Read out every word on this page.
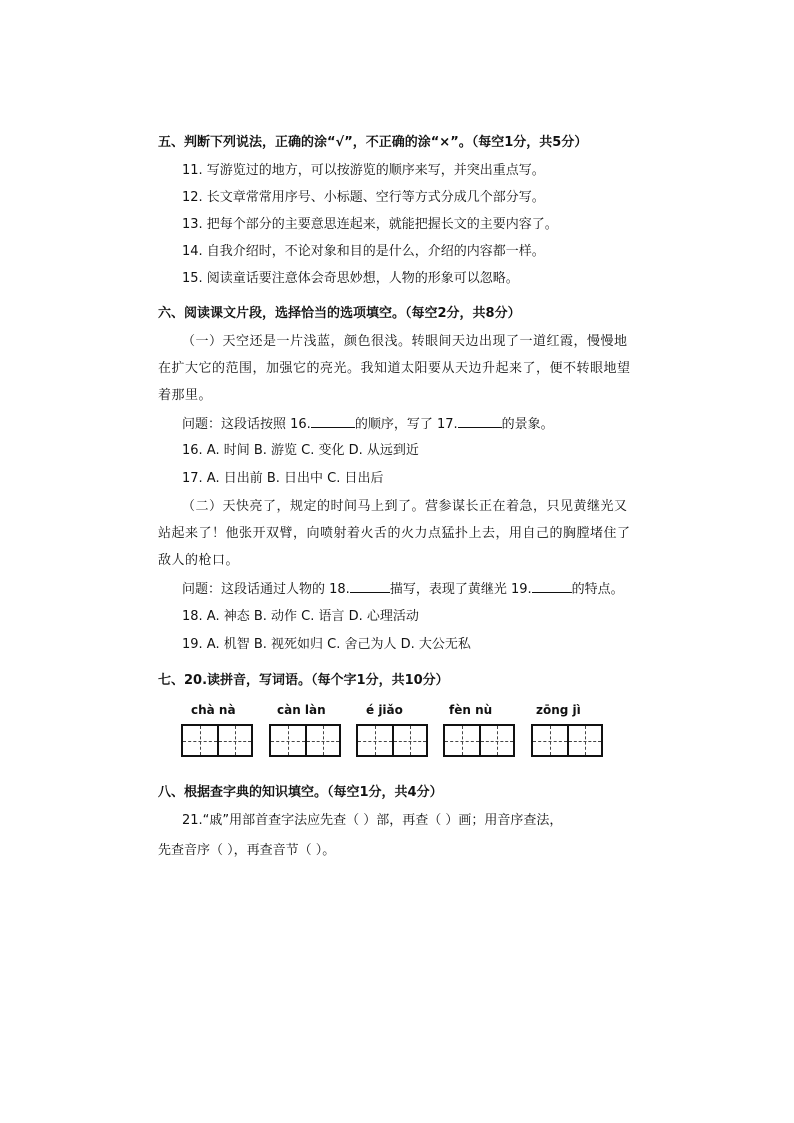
五、判断下列说法，正确的涂“√”，不正确的涂“×”。（每空1分，共5分）
11. 写游览过的地方，可以按游览的顺序来写，并突出重点写。
12. 长文章常常用序号、小标题、空行等方式分成几个部分写。
13. 把每个部分的主要意思连起来，就能把握长文的主要内容了。
14. 自我介绍时，不论对象和目的是什么，介绍的内容都一样。
15. 阅读童话要注意体会奇思妙想，人物的形象可以忽略。
六、阅读课文片段，选择恰当的选项填空。（每空2分，共8分）
（一）天空还是一片浅蓝，颜色很浅。转眼间天边出现了一道红霞，慢慢地
在扩大它的范围，加强它的亮光。我知道太阳要从天边升起来了，便不转眼地望
着那里。
问题：这段话按照 16.	的顺序，写了 17.	的景象。
16. A. 时间 B. 游览 C. 变化 D. 从远到近
17. A. 日出前 B. 日出中 C. 日出后
（二）天快亮了，规定的时间马上到了。营参谋长正在着急，只见黄继光又
站起来了！他张开双臂，向喷射着火舌的火力点猛扑上去，用自己的胸膛堵住了
敌人的枪口。
问题：这段话通过人物的 18.	描写，表现了黄继光 19.	的特点。
18. A. 神态 B. 动作 C. 语言 D. 心理活动
19. A. 机智 B. 视死如归 C. 舍己为人 D. 大公无私
七、20.读拼音，写词语。（每个字1分，共10分）
chà nà	càn làn	é jiǎo	fèn nù	zōng jì
八、根据查字典的知识填空。（每空1分，共4分）
21.“戚”用部首查字法应先查（ ）部，再查（ ）画；用音序查法，
先查音序（ ），再查音节（ ）。
